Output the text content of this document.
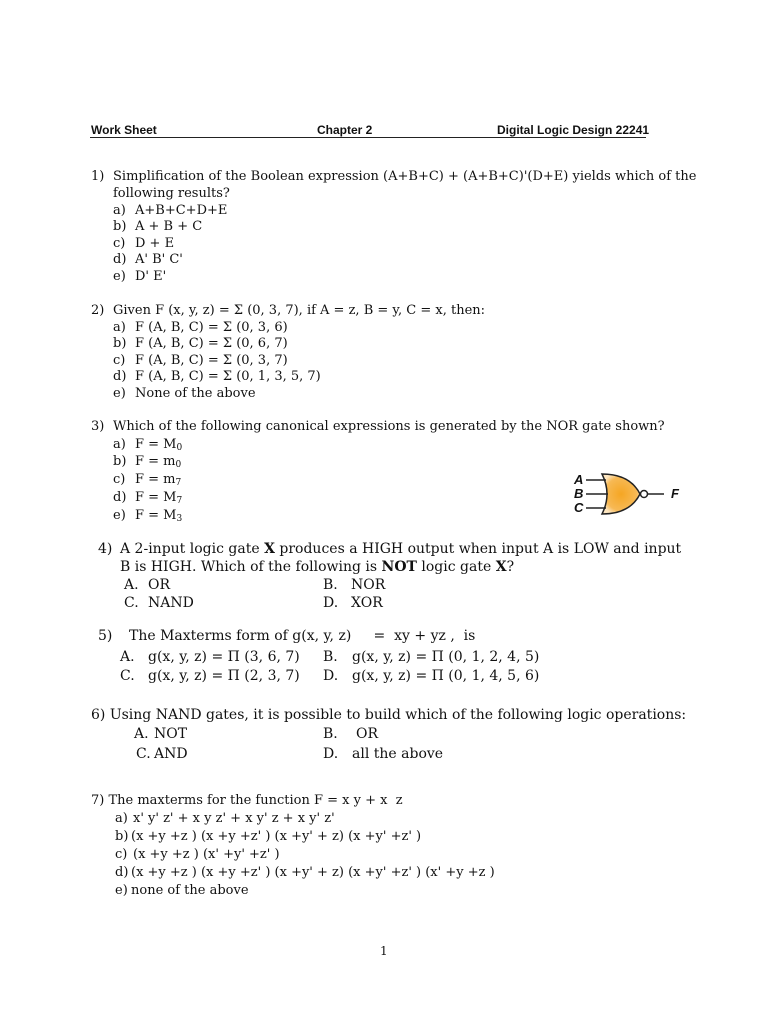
Work Sheet	Chapter 2	Digital Logic Design 22241
1) Simplification of the Boolean expression (A+B+C) + (A+B+C)'(D+E) yields which of the
following results?
a) A+B+C+D+E
b) A + B + C
c) D + E
d) A' B' C'
e) D' E'
2) Given F (x, y, z) = Σ (0, 3, 7), if A = z, B = y, C = x, then:
a) F (A, B, C) = Σ (0, 3, 6)
b) F (A, B, C) = Σ (0, 6, 7)
c) F (A, B, C) = Σ (0, 3, 7)
d) F (A, B, C) = Σ (0, 1, 3, 5, 7)
e) None of the above
3) Which of the following canonical expressions is generated by the NOR gate shown?
a) $F = M_0$
b) $F = m_0$
c) $F = m_7$
d) $F = M_7$
e) $F = M_3$
A
B
C
F
4) A 2-input logic gate X produces a HIGH output when input A is LOW and input
B is HIGH. Which of the following is NOT logic gate X?
A. OR	B. NOR
C. NAND	D. XOR
5) The Maxterms form of g(x, y, z)     =  xy + yz ,  is
A. g(x, y, z) = Π (3, 6, 7) B. g(x, y, z) = Π (0, 1, 2, 4, 5)
C. g(x, y, z) = Π (2, 3, 7) D. g(x, y, z) = Π (0, 1, 4, 5, 6)
6) Using NAND gates, it is possible to build which of the following logic operations:
A. NOT	B. OR
C. AND	D. all the above
7) The maxterms for the function F = x y + x  z
a) x' y' z' + x y z' + x y' z + x y' z'
b) (x +y +z ) (x +y +z' ) (x +y' + z) (x +y' +z' )
c) (x +y +z ) (x' +y' +z' )
d) (x +y +z ) (x +y +z' ) (x +y' + z) (x +y' +z' ) (x' +y +z )
e) none of the above
1
